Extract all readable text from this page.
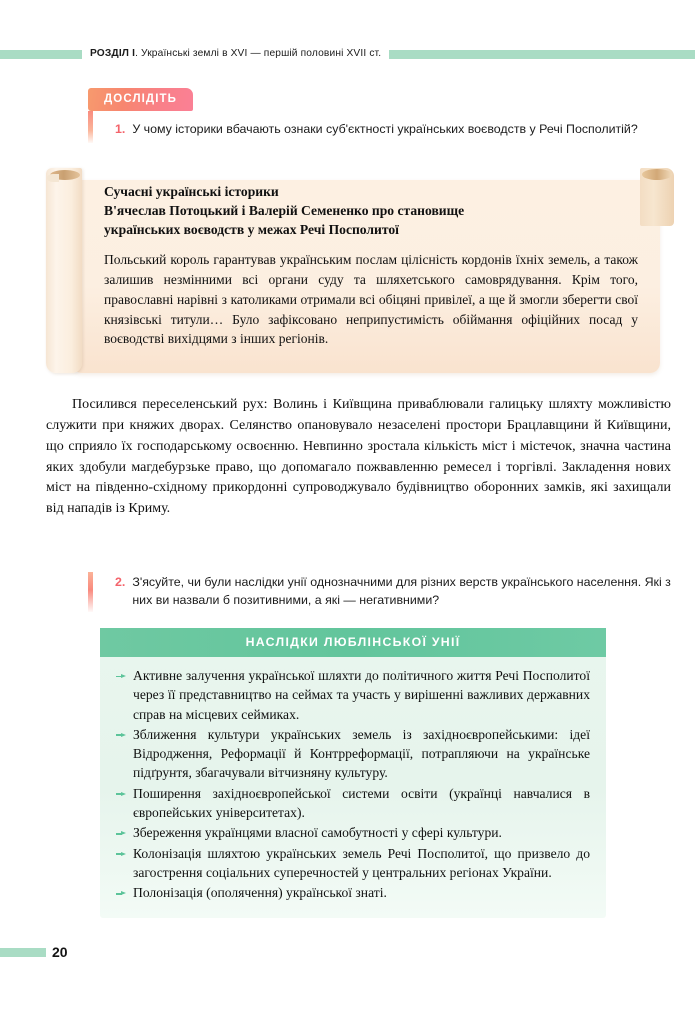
РОЗДІЛ I. Українські землі в XVI — першій половині XVII ст.
ДОСЛІДІТЬ
1. У чому історики вбачають ознаки суб'єктності українських воєводств у Речі Посполитій?
Сучасні українські історики
В'ячеслав Потоцький і Валерій Семененко про становище
українських воєводств у межах Речі Посполитої

Польський король гарантував українським послам цілісність кордонів їхніх земель, а також залишив незмінними всі органи суду та шляхетського самоврядування. Крім того, православні нарівні з католиками отримали всі обіцяні привілеї, а ще й змогли зберегти свої князівські титули… Було зафіксовано неприпустимість обіймання офіційних посад у воєводстві вихідцями з інших регіонів.

Посилився переселенський рух: Волинь і Київщина приваблювали галицьку шляхту можливістю служити при княжих дворах. Селянство опановувало незаселені простори Брацлавщини й Київщини, що сприяло їх господарському освоєнню. Невпинно зростала кількість міст і містечок, значна частина яких здобули магдебурзьке право, що допомагало пожвавленню ремесел і торгівлі. Закладення нових міст на південно-східному прикордонні супроводжувало будівництво оборонних замків, які захищали від нападів із Криму.

2. З'ясуйте, чи були наслідки унії однозначними для різних верств українського населення. Які з них ви назвали б позитивними, а які — негативними?
НАСЛІДКИ ЛЮБЛІНСЬКОЇ УНІЇ
Активне залучення української шляхти до політичного життя Речі Посполитої через її представництво на сеймах та участь у вирішенні важливих державних справ на місцевих сеймиках.
Зближення культури українських земель із західноєвропейськими: ідеї Відродження, Реформації й Контрреформації, потрапляючи на українське підґрунтя, збагачували вітчизняну культуру.
Поширення західноєвропейської системи освіти (українці навчалися в європейських університетах).
Збереження українцями власної самобутності у сфері культури.
Колонізація шляхтою українських земель Речі Посполитої, що призвело до загострення соціальних суперечностей у центральних регіонах України.
Полонізація (ополячення) української знаті.
20
